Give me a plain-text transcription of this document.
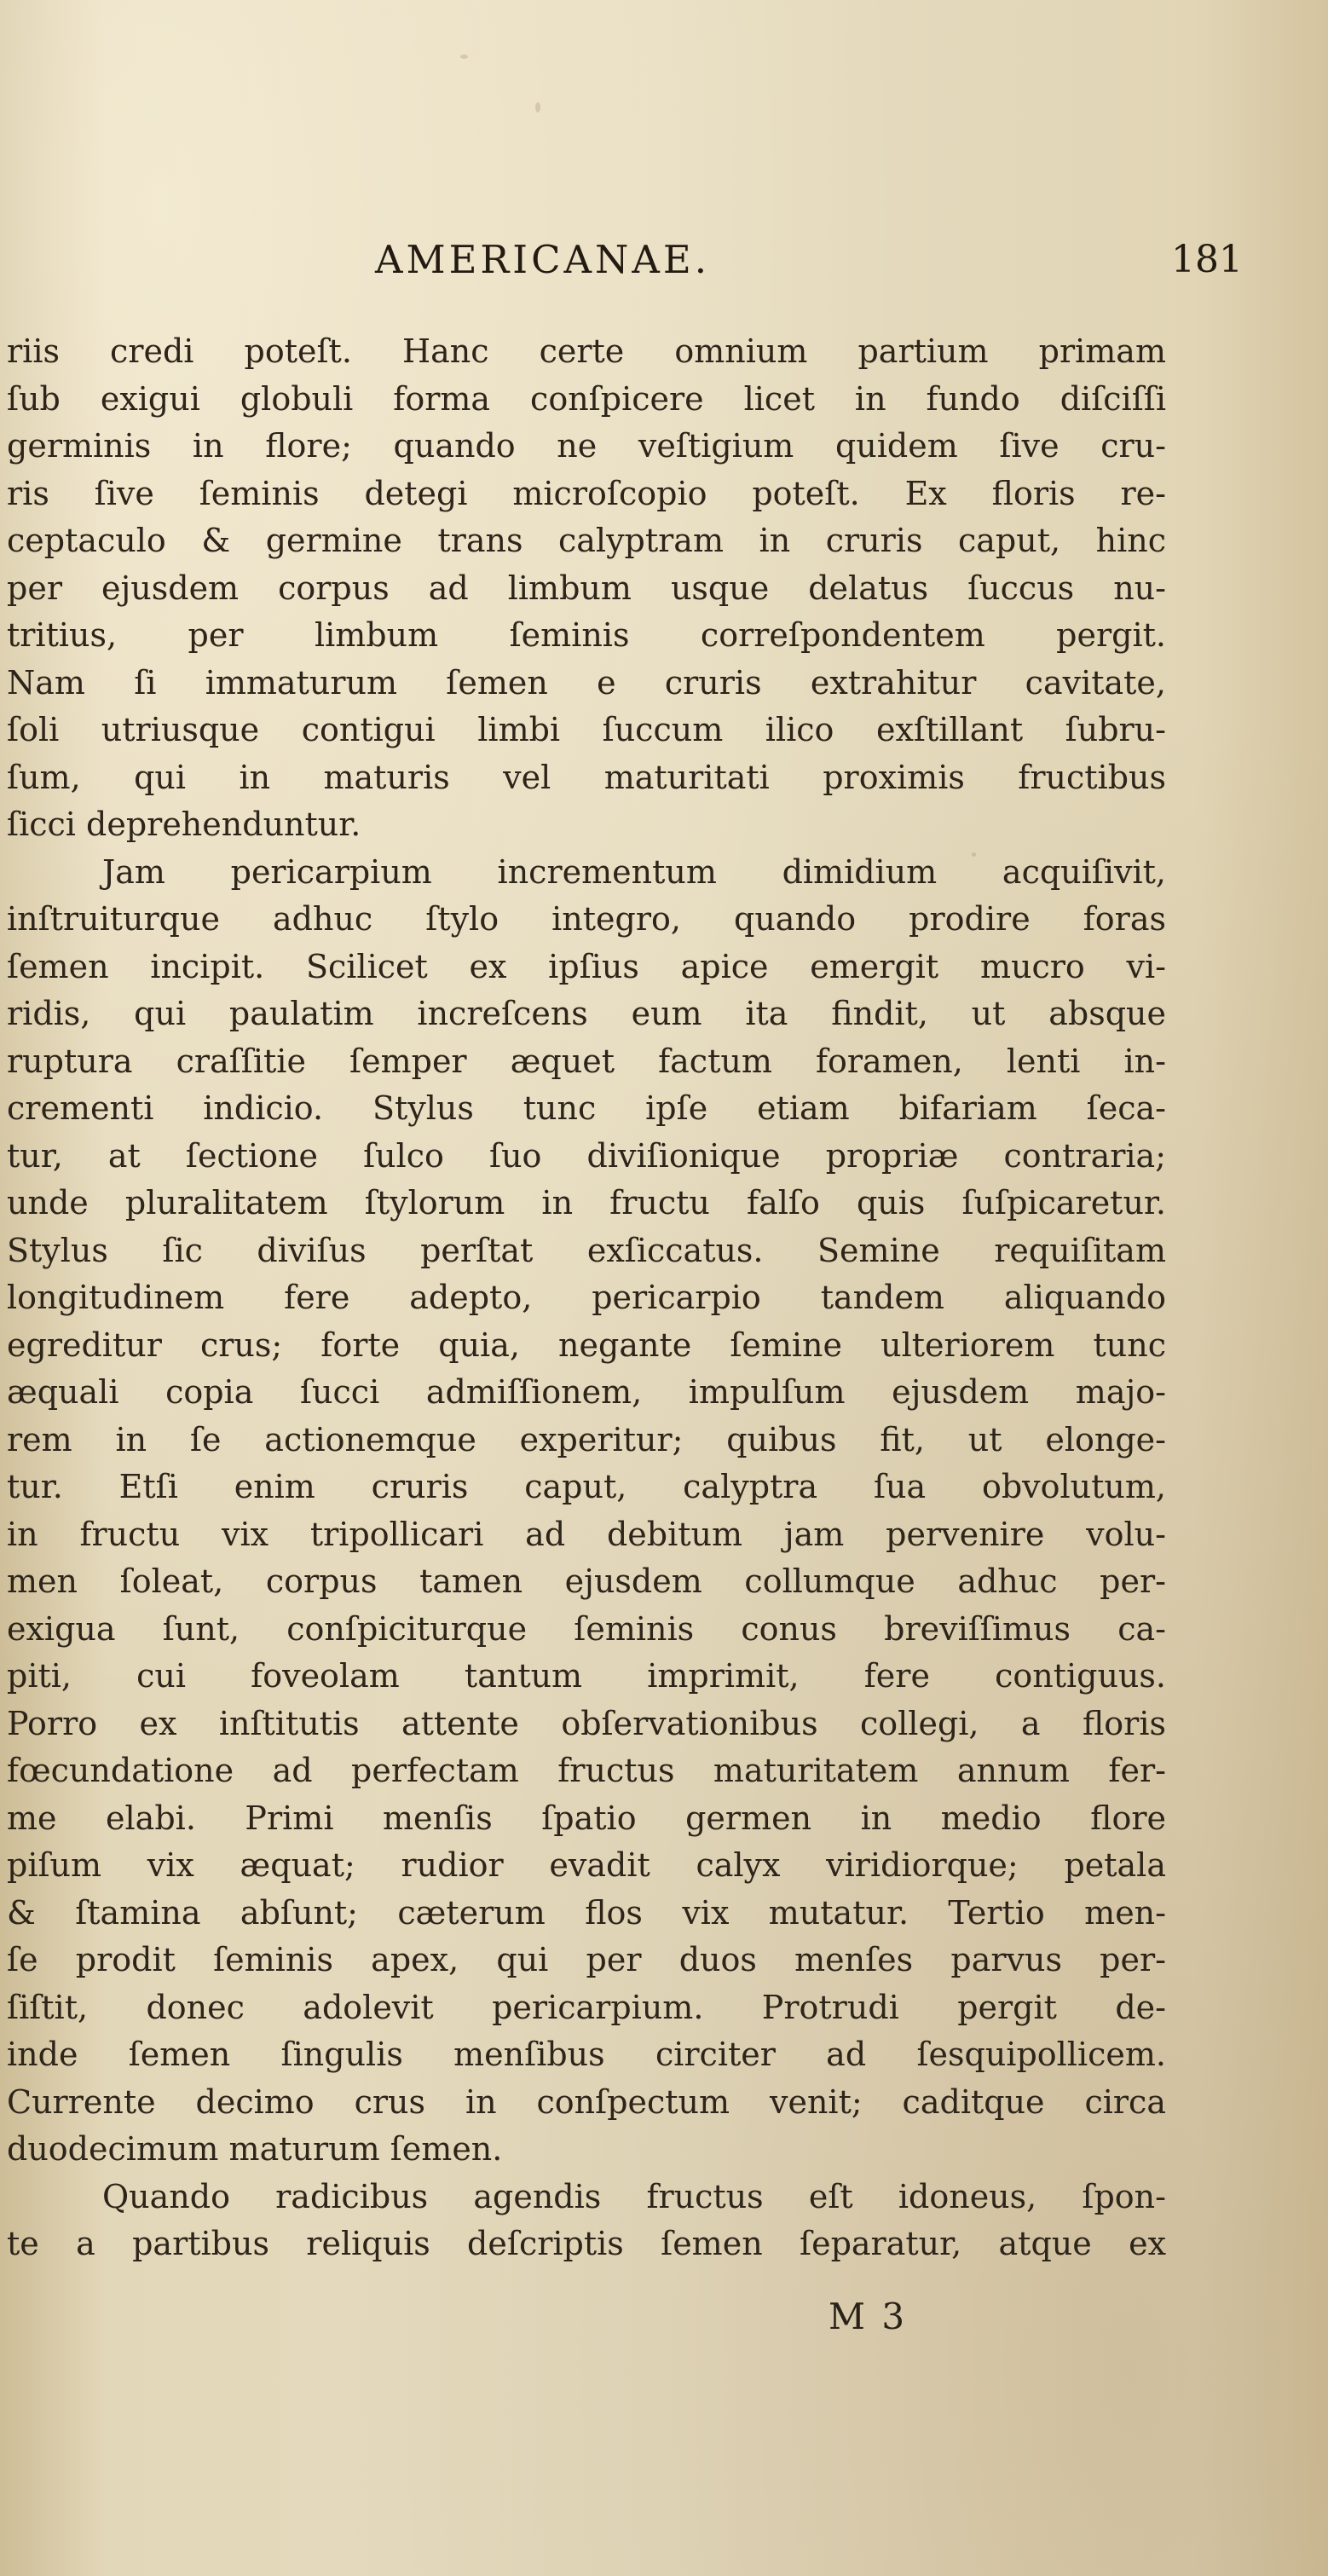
AMERICANAE.	181
riis credi poteſt. Hanc certe omnium partium primam
ſub exigui globuli forma conſpicere licet in fundo diſciſſi
germinis in flore; quando ne veſtigium quidem ſive cru-
ris ſive ſeminis detegi microſcopio poteſt. Ex floris re-
ceptaculo & germine trans calyptram in cruris caput, hinc
per ejusdem corpus ad limbum usque delatus ſuccus nu-
tritius, per limbum ſeminis correſpondentem pergit.
Nam ſi immaturum ſemen e cruris extrahitur cavitate,
ſoli utriusque contigui limbi ſuccum ilico exſtillant ſubru-
ſum, qui in maturis vel maturitati proximis fructibus
ſicci deprehenduntur.
Jam pericarpium incrementum dimidium acquiſivit,
inſtruiturque adhuc ſtylo integro, quando prodire foras
ſemen incipit. Scilicet ex ipſius apice emergit mucro vi-
ridis, qui paulatim increſcens eum ita findit, ut absque
ruptura craſſitie ſemper æquet factum foramen, lenti in-
crementi indicio. Stylus tunc ipſe etiam bifariam ſeca-
tur, at ſectione ſulco ſuo diviſionique propriæ contraria;
unde pluralitatem ſtylorum in fructu falſo quis ſuſpicaretur.
Stylus ſic diviſus perſtat exſiccatus. Semine requiſitam
longitudinem fere adepto, pericarpio tandem aliquando
egreditur crus; forte quia, negante ſemine ulteriorem tunc
æquali copia ſucci admiſſionem, impulſum ejusdem majo-
rem in ſe actionemque experitur; quibus fit, ut elonge-
tur. Etſi enim cruris caput, calyptra ſua obvolutum,
in fructu vix tripollicari ad debitum jam pervenire volu-
men ſoleat, corpus tamen ejusdem collumque adhuc per-
exigua ſunt, conſpiciturque ſeminis conus breviſſimus ca-
piti, cui foveolam tantum imprimit, fere contiguus.
Porro ex inſtitutis attente obſervationibus collegi, a floris
fœcundatione ad perfectam fructus maturitatem annum fer-
me elabi. Primi menſis ſpatio germen in medio flore
piſum vix æquat; rudior evadit calyx viridiorque; petala
& ſtamina abſunt; cæterum flos vix mutatur. Tertio men-
ſe prodit ſeminis apex, qui per duos menſes parvus per-
ſiſtit, donec adolevit pericarpium. Protrudi pergit de-
inde ſemen ſingulis menſibus circiter ad ſesquipollicem.
Currente decimo crus in conſpectum venit; caditque circa
duodecimum maturum ſemen.
Quando radicibus agendis fructus eſt idoneus, ſpon-
te a partibus reliquis deſcriptis ſemen ſeparatur, atque ex
M 3
